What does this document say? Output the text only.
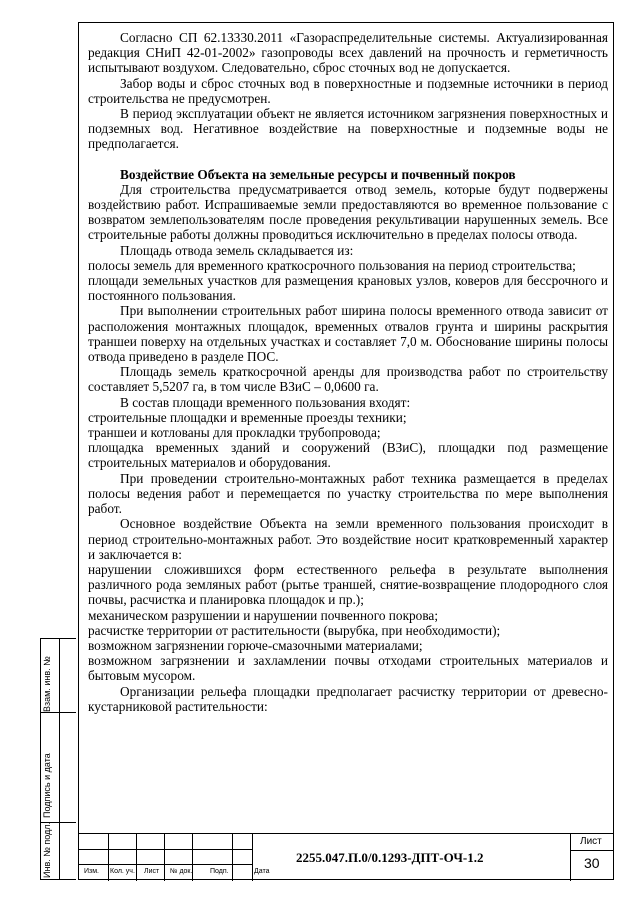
Согласно СП 62.13330.2011 «Газораспределительные системы. Актуализированная редакция СНиП 42-01-2002» газопроводы всех давлений на прочность и герметичность испытывают воздухом. Следовательно, сброс сточных вод не допускается.

Забор воды и сброс сточных вод в поверхностные и подземные источники в период строительства не предусмотрен.

В период эксплуатации объект не является источником загрязнения поверхностных и подземных вод. Негативное воздействие на поверхностные и подземные воды не предполагается.

Воздействие Объекта на земельные ресурсы и почвенный покров

Для строительства предусматривается отвод земель, которые будут подвержены воздействию работ. Испрашиваемые земли предоставляются во временное пользование с возвратом землепользователям после проведения рекультивации нарушенных земель. Все строительные работы должны проводиться исключительно в пределах полосы отвода.

Площадь отвода земель складывается из:

полосы земель для временного краткосрочного пользования на период строительства;

площади земельных участков для размещения крановых узлов, коверов для бессрочного и постоянного пользования.

При выполнении строительных работ ширина полосы временного отвода зависит от расположения монтажных площадок, временных отвалов грунта и ширины раскрытия траншеи поверху на отдельных участках и составляет 7,0 м. Обоснование ширины полосы отвода приведено в разделе ПОС.

Площадь земель краткосрочной аренды для производства работ по строительству составляет 5,5207 га, в том числе ВЗиС – 0,0600 га.

В состав площади временного пользования входят:

строительные площадки и временные проезды техники;

траншеи и котлованы для прокладки трубопровода;

площадка временных зданий и сооружений (ВЗиС), площадки под размещение строительных материалов и оборудования.

При проведении строительно-монтажных работ техника размещается в пределах полосы ведения работ и перемещается по участку строительства по мере выполнения работ.

Основное воздействие Объекта на земли временного пользования происходит в период строительно-монтажных работ. Это воздействие носит кратковременный характер и заключается в:

нарушении сложившихся форм естественного рельефа в результате выполнения различного рода земляных работ (рытье траншей, снятие-возвращение плодородного слоя почвы, расчистка и планировка площадок и пр.);

механическом разрушении и нарушении почвенного покрова;

расчистке территории от растительности (вырубка, при необходимости);

возможном загрязнении горюче-смазочными материалами;

возможном загрязнении и захламлении почвы отходами строительных материалов и бытовым мусором.

Организации рельефа площадки предполагает расчистку территории от древесно-кустарниковой растительности:

Взам. инв. №
Подпись и дата
Инв. № подл.	Изм. Кол. уч. Лист № док.	Подп.	Дата
2255.047.П.0/0.1293-ДПТ-ОЧ-1.2
Лист
30
